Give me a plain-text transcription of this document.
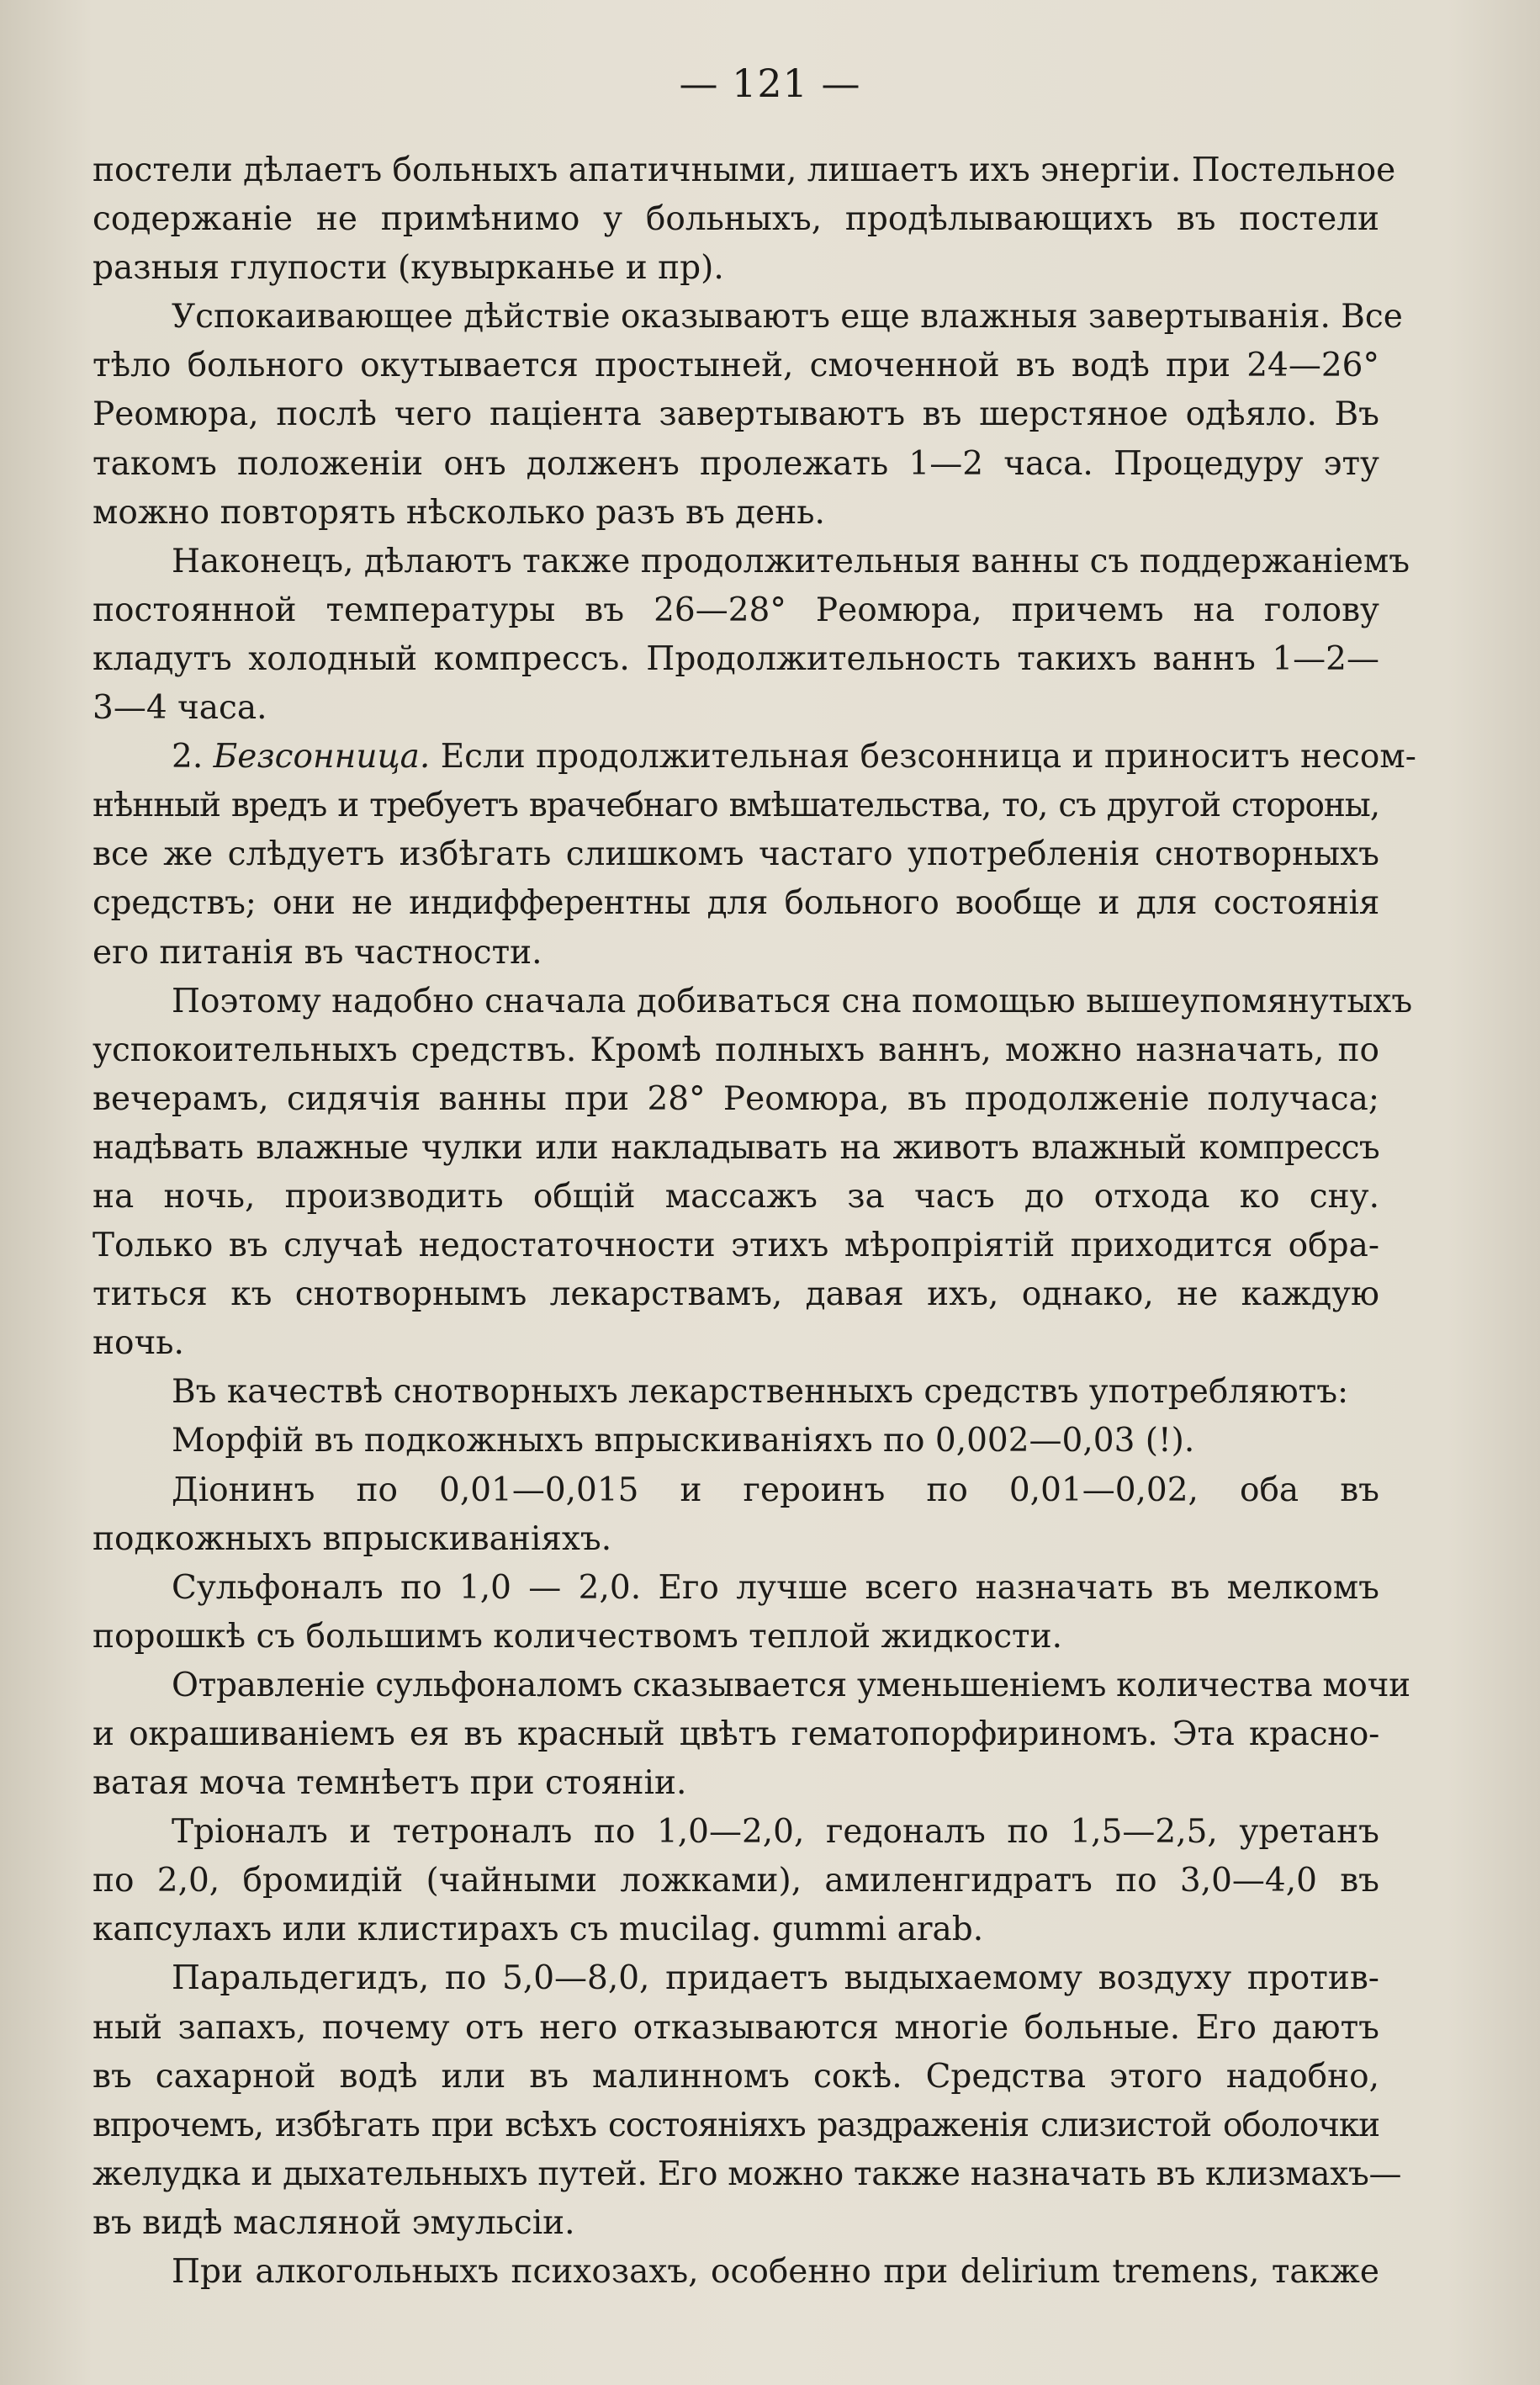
— 121 —
постели дѣлаетъ больныхъ апатичными, лишаетъ ихъ энергіи. Постельное
содержаніе не примѣнимо у больныхъ, продѣлывающихъ въ постели
разныя глупости (кувырканье и пр).
Успокаивающее дѣйствіе оказываютъ еще влажныя завертыванія. Все
тѣло больного окутывается простыней, смоченной въ водѣ при 24—26°
Реомюра, послѣ чего паціента завертываютъ въ шерстяное одѣяло. Въ
такомъ положеніи онъ долженъ пролежать 1—2 часа. Процедуру эту
можно повторять нѣсколько разъ въ день.
Наконецъ, дѣлаютъ также продолжительныя ванны съ поддержаніемъ
постоянной температуры въ 26—28° Реомюра, причемъ на голову
кладутъ холодный компрессъ. Продолжительность такихъ ваннъ 1—2—
3—4 часа.
2. Безсонница. Если продолжительная безсонница и приноситъ несом-
нѣнный вредъ и требуетъ врачебнаго вмѣшательства, то, съ другой стороны,
все же слѣдуетъ избѣгать слишкомъ частаго употребленія снотворныхъ
средствъ; они не индифферентны для больного вообще и для состоянія
его питанія въ частности.
Поэтому надобно сначала добиваться сна помощью вышеупомянутыхъ
успокоительныхъ средствъ. Кромѣ полныхъ ваннъ, можно назначать, по
вечерамъ, сидячія ванны при 28° Реомюра, въ продолженіе получаса;
надѣвать влажные чулки или накладывать на животъ влажный компрессъ
на ночь, производить общій массажъ за часъ до отхода ко сну.
Только въ случаѣ недостаточности этихъ мѣропріятій приходится обра-
титься къ снотворнымъ лекарствамъ, давая ихъ, однако, не каждую
ночь.
Въ качествѣ снотворныхъ лекарственныхъ средствъ употребляютъ:
Морфій въ подкожныхъ впрыскиваніяхъ по 0,002—0,03 (!).
Діонинъ по 0,01—0,015 и героинъ по 0,01—0,02, оба въ
подкожныхъ впрыскиваніяхъ.
Сульфоналъ по 1,0 — 2,0. Его лучше всего назначать въ мелкомъ
порошкѣ съ большимъ количествомъ теплой жидкости.
Отравленіе сульфоналомъ сказывается уменьшеніемъ количества мочи
и окрашиваніемъ ея въ красный цвѣтъ гематопорфириномъ. Эта красно-
ватая моча темнѣетъ при стояніи.
Тріоналъ и тетроналъ по 1,0—2,0, гедоналъ по 1,5—2,5, уретанъ
по 2,0, бромидій (чайными ложками), амиленгидратъ по 3,0—4,0 въ
капсулахъ или клистирахъ съ mucilag. gummi arab.
Паральдегидъ, по 5,0—8,0, придаетъ выдыхаемому воздуху против-
ный запахъ, почему отъ него отказываются многіе больные. Его даютъ
въ сахарной водѣ или въ малинномъ сокѣ. Средства этого надобно,
впрочемъ, избѣгать при всѣхъ состояніяхъ раздраженія слизистой оболочки
желудка и дыхательныхъ путей. Его можно также назначать въ клизмахъ—
въ видѣ масляной эмульсіи.
При алкогольныхъ психозахъ, особенно при delirium tremens, также
